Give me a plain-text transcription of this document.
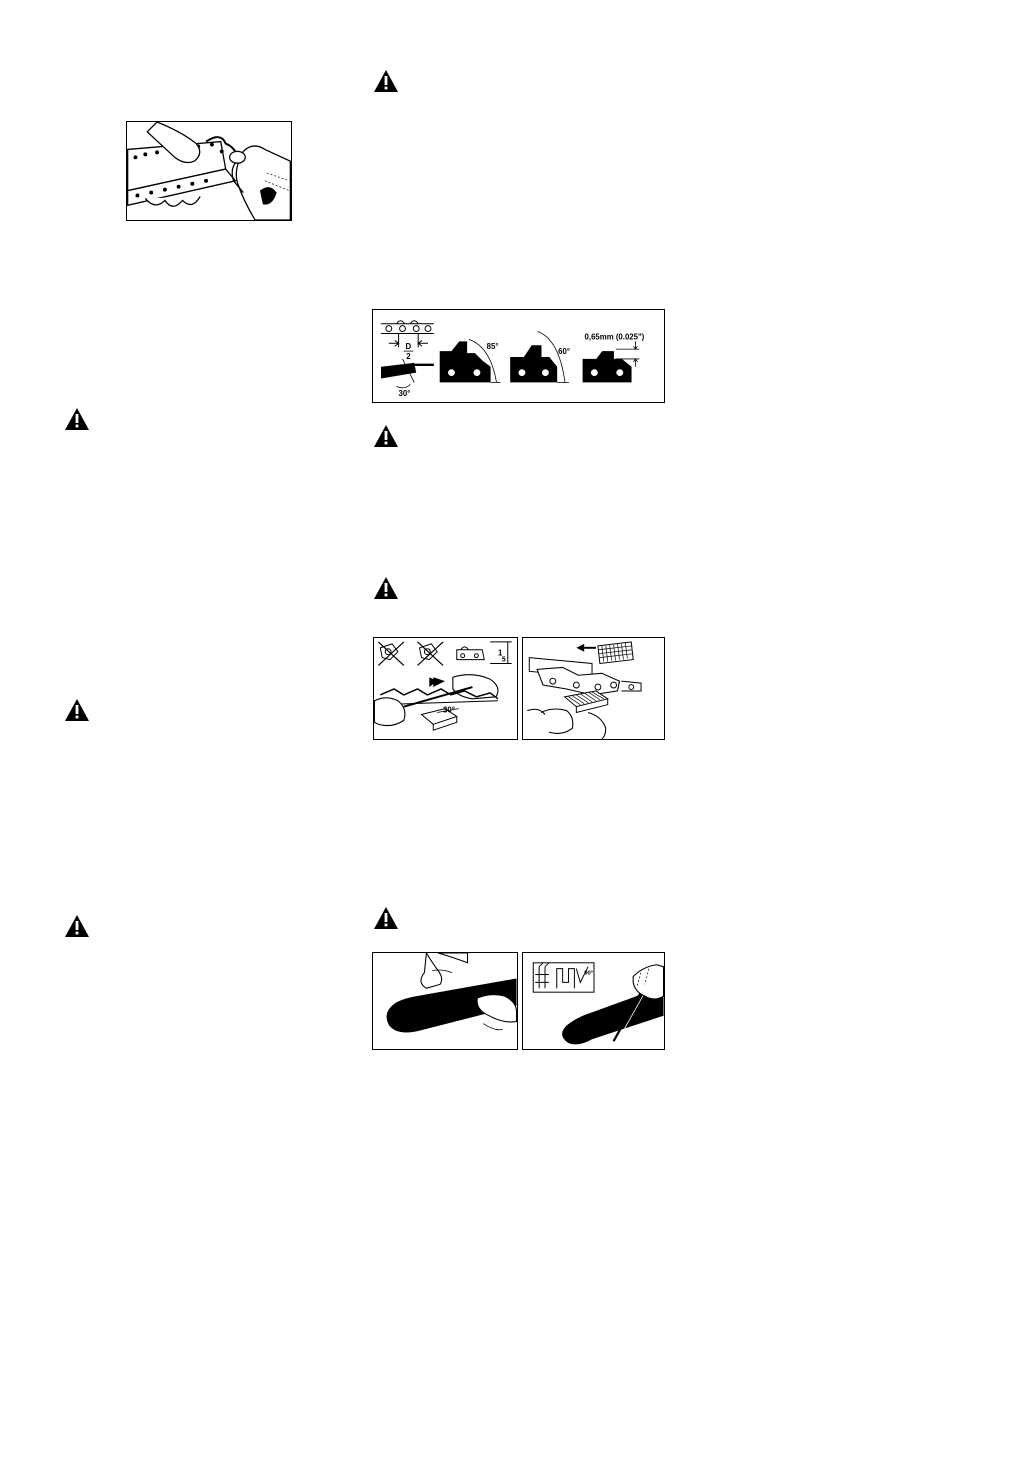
D
2
30°
85°
60°
0,65mm (0.025")
1
5
30°
90°
